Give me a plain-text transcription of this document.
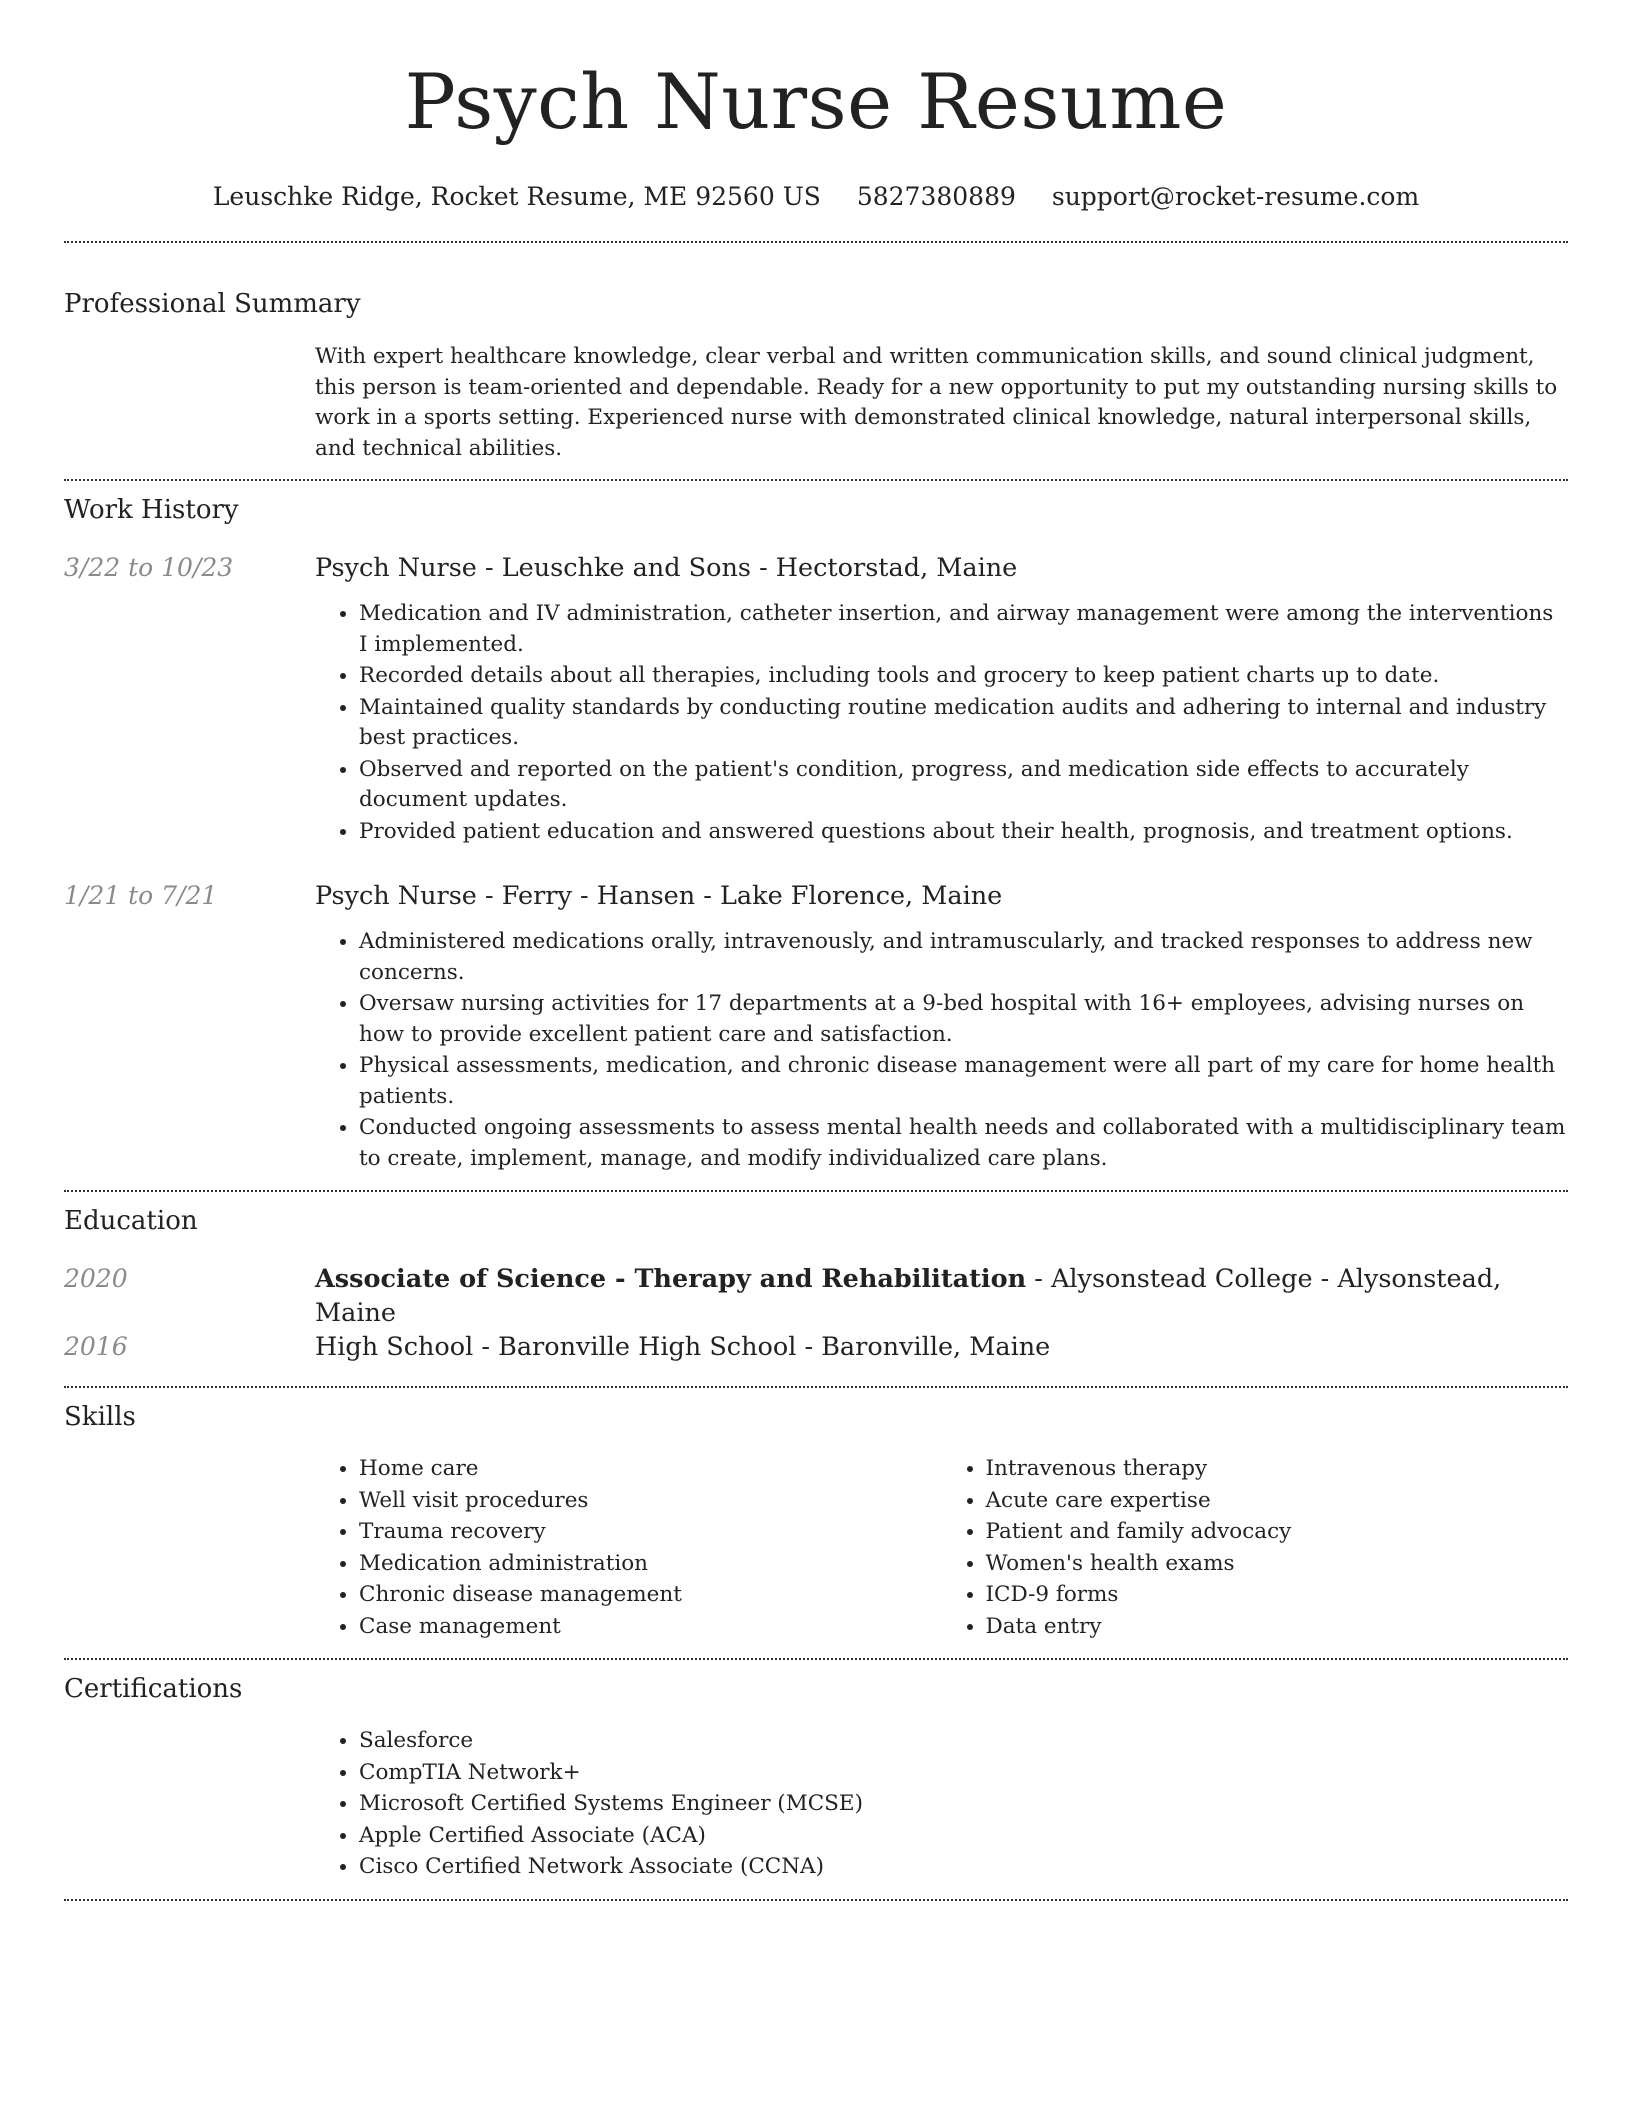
Psych Nurse Resume
Leuschke Ridge, Rocket Resume, ME 92560 US 5827380889 support@rocket-resume.com
Professional Summary

With expert healthcare knowledge, clear verbal and written communication skills, and sound clinical judgment, this person is team-oriented and dependable. Ready for a new opportunity to put my outstanding nursing skills to work in a sports setting. Experienced nurse with demonstrated clinical knowledge, natural interpersonal skills, and technical abilities.

Work History
3/22 to 10/23	Psych Nurse - Leuschke and Sons - Hectorstad, Maine
• Medication and IV administration, catheter insertion, and airway management were among the interventions I implemented.
• Recorded details about all therapies, including tools and grocery to keep patient charts up to date.
• Maintained quality standards by conducting routine medication audits and adhering to internal and industry best practices.
• Observed and reported on the patient's condition, progress, and medication side effects to accurately document updates.
• Provided patient education and answered questions about their health, prognosis, and treatment options.
1/21 to 7/21	Psych Nurse - Ferry - Hansen - Lake Florence, Maine
• Administered medications orally, intravenously, and intramuscularly, and tracked responses to address new concerns.
• Oversaw nursing activities for 17 departments at a 9-bed hospital with 16+ employees, advising nurses on how to provide excellent patient care and satisfaction.
• Physical assessments, medication, and chronic disease management were all part of my care for home health patients.
• Conducted ongoing assessments to assess mental health needs and collaborated with a multidisciplinary team to create, implement, manage, and modify individualized care plans.
Education
2020	Associate of Science - Therapy and Rehabilitation - Alysonstead College - Alysonstead, Maine
2016	High School - Baronville High School - Baronville, Maine
Skills
• Home care
• Well visit procedures
• Trauma recovery
• Medication administration
• Chronic disease management
• Case management
• Intravenous therapy
• Acute care expertise
• Patient and family advocacy
• Women's health exams
• ICD-9 forms
• Data entry
Certifications
• Salesforce
• CompTIA Network+
• Microsoft Certified Systems Engineer (MCSE)
• Apple Certified Associate (ACA)
• Cisco Certified Network Associate (CCNA)
